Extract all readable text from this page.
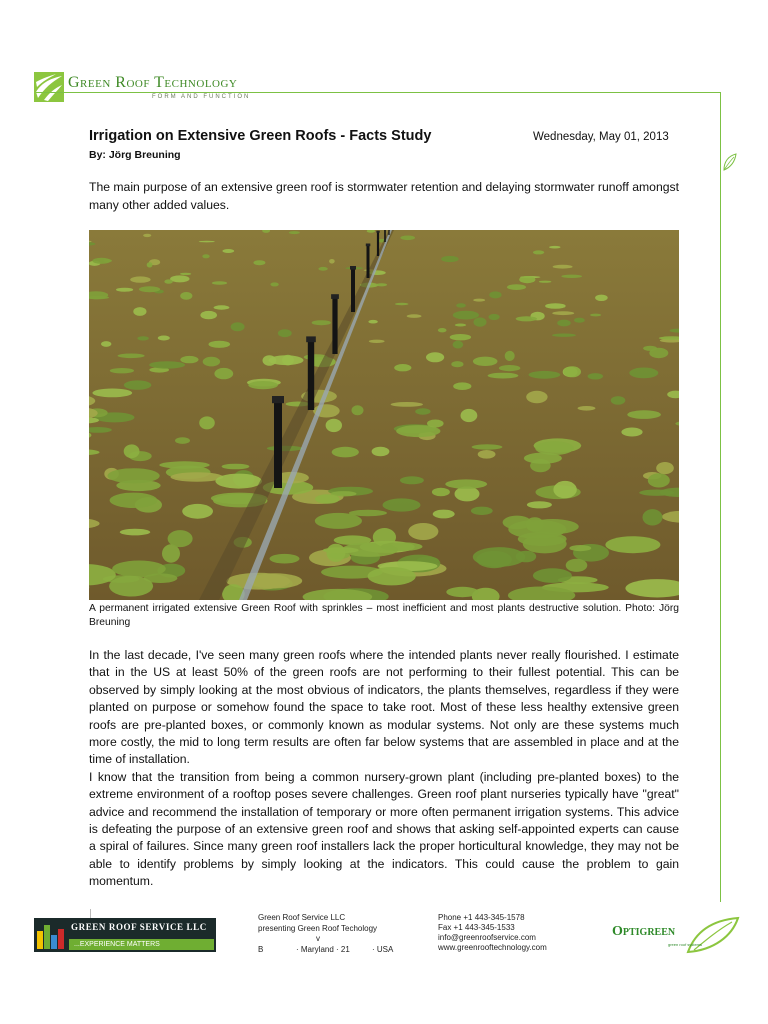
Green Roof Technology
FORM AND FUNCTION
Irrigation on Extensive Green Roofs - Facts Study	Wednesday, May 01, 2013
By: Jörg Breuning
The main purpose of an extensive green roof is stormwater retention and delaying stormwater runoff amongst many other added values.
A permanent irrigated extensive Green Roof with sprinkles – most inefficient and most plants destructive solution. Photo: Jörg Breuning

In the last decade, I've seen many green roofs where the intended plants never really flourished. I estimate that in the US at least 50% of the green roofs are not performing to their fullest potential. This can be observed by simply looking at the most obvious of indicators, the plants themselves, regardless if they were planted on purpose or somehow found the space to take root. Most of these less healthy extensive green roofs are pre-planted boxes, or commonly known as modular systems. Not only are these systems much more costly, the mid to long term results are often far below systems that are assembled in place and at the time of installation.

I know that the transition from being a common nursery-grown plant (including pre-planted boxes) to the extreme environment of a rooftop poses severe challenges. Green roof plant nurseries typically have "great" advice and recommend the installation of temporary or more often permanent irrigation systems. This advice is defeating the purpose of an extensive green roof and shows that asking self-appointed experts can cause a spiral of failures. Since many green roof installers lack the proper horticultural knowledge, they may not be able to identify problems by simply looking at the indicators. This could cause the problem to gain momentum.

GREEN ROOF SERVICE LLC
...EXPERIENCE MATTERS
Green Roof Service LLC
presenting Green Roof Techology
v
B	· Maryland · 21	· USA
Phone +1 443-345-1578
Fax +1 443-345-1533
info@greenroofservice.com
www.greenrooftechnology.com
Optigreen
green roof systems
